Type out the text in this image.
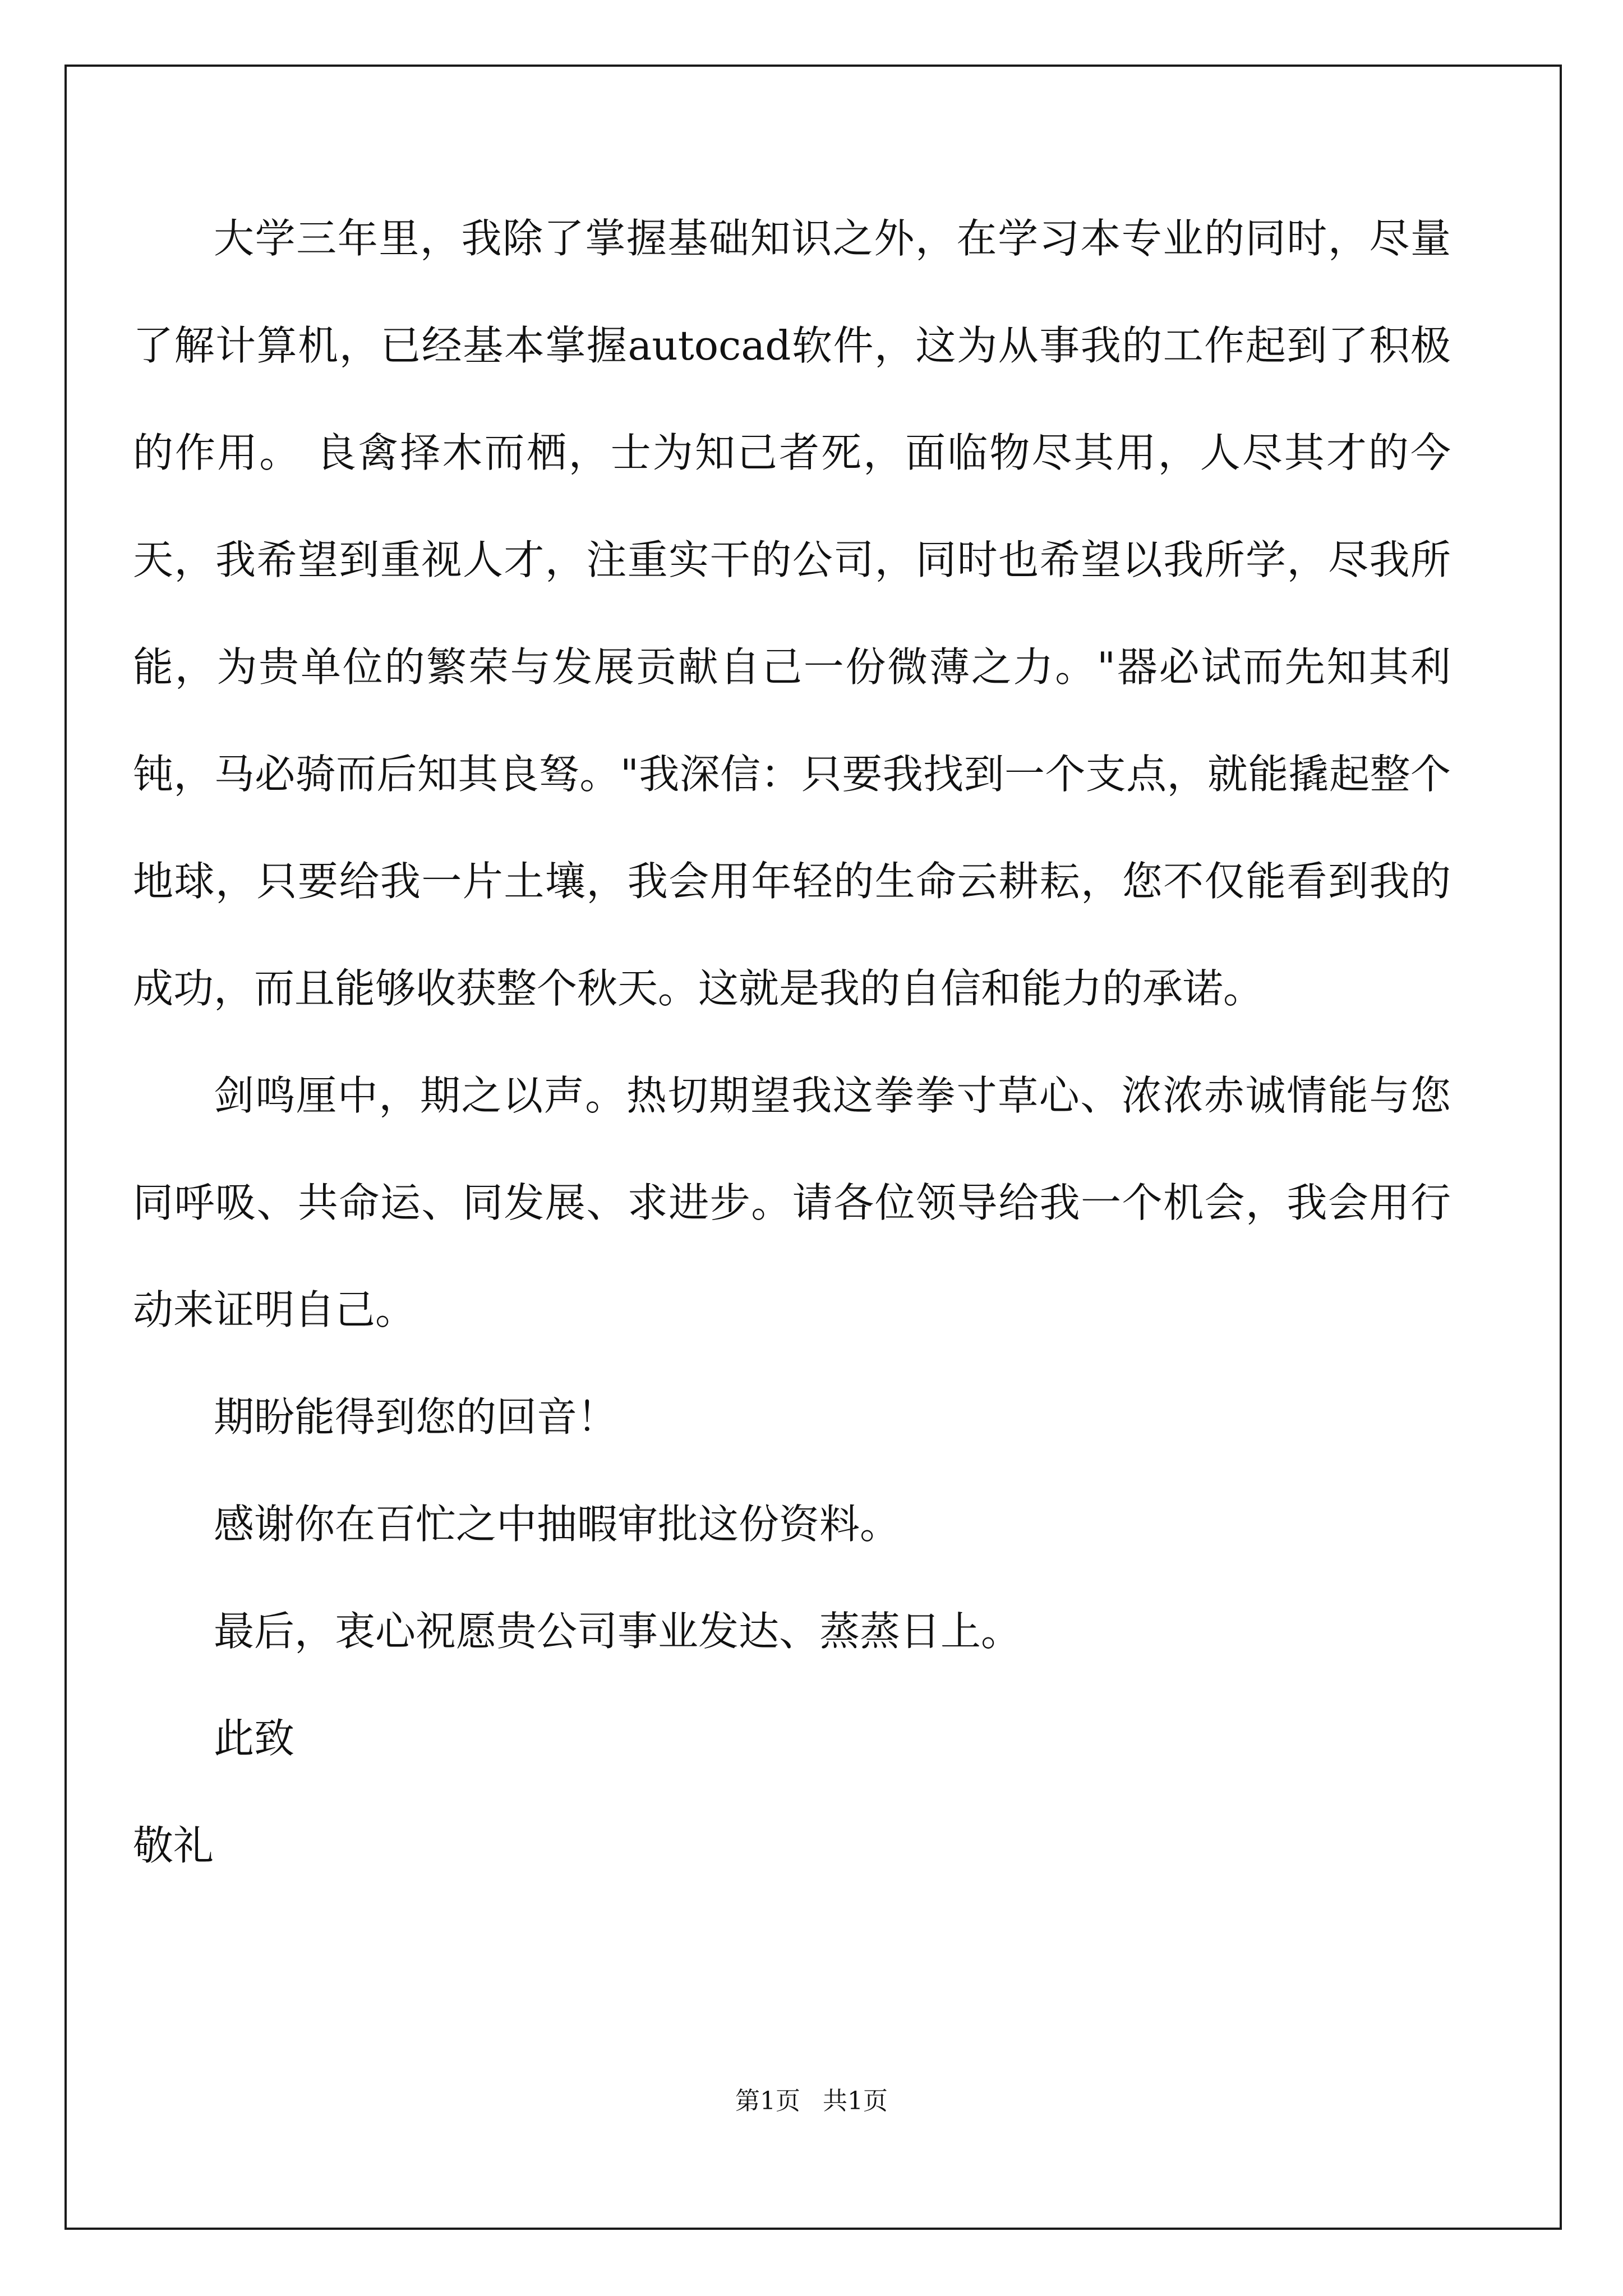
大学三年里，我除了掌握基础知识之外，在学习本专业的同时，尽量了解计算机，已经基本掌握autocad软件，这为从事我的工作起到了积极的作用。 良禽择木而栖，士为知己者死，面临物尽其用，人尽其才的今天，我希望到重视人才，注重实干的公司，同时也希望以我所学，尽我所能，为贵单位的繁荣与发展贡献自己一份微薄之力。"器必试而先知其利钝，马必骑而后知其良驽。"我深信：只要我找到一个支点，就能撬起整个地球，只要给我一片土壤，我会用年轻的生命云耕耘，您不仅能看到我的成功，而且能够收获整个秋天。这就是我的自信和能力的承诺。

剑鸣厘中，期之以声。热切期望我这拳拳寸草心、浓浓赤诚情能与您同呼吸、共命运、同发展、求进步。请各位领导给我一个机会，我会用行动来证明自己。

期盼能得到您的回音！

感谢你在百忙之中抽暇审批这份资料。

最后，衷心祝愿贵公司事业发达、蒸蒸日上。

此致

敬礼

第1页 共1页
